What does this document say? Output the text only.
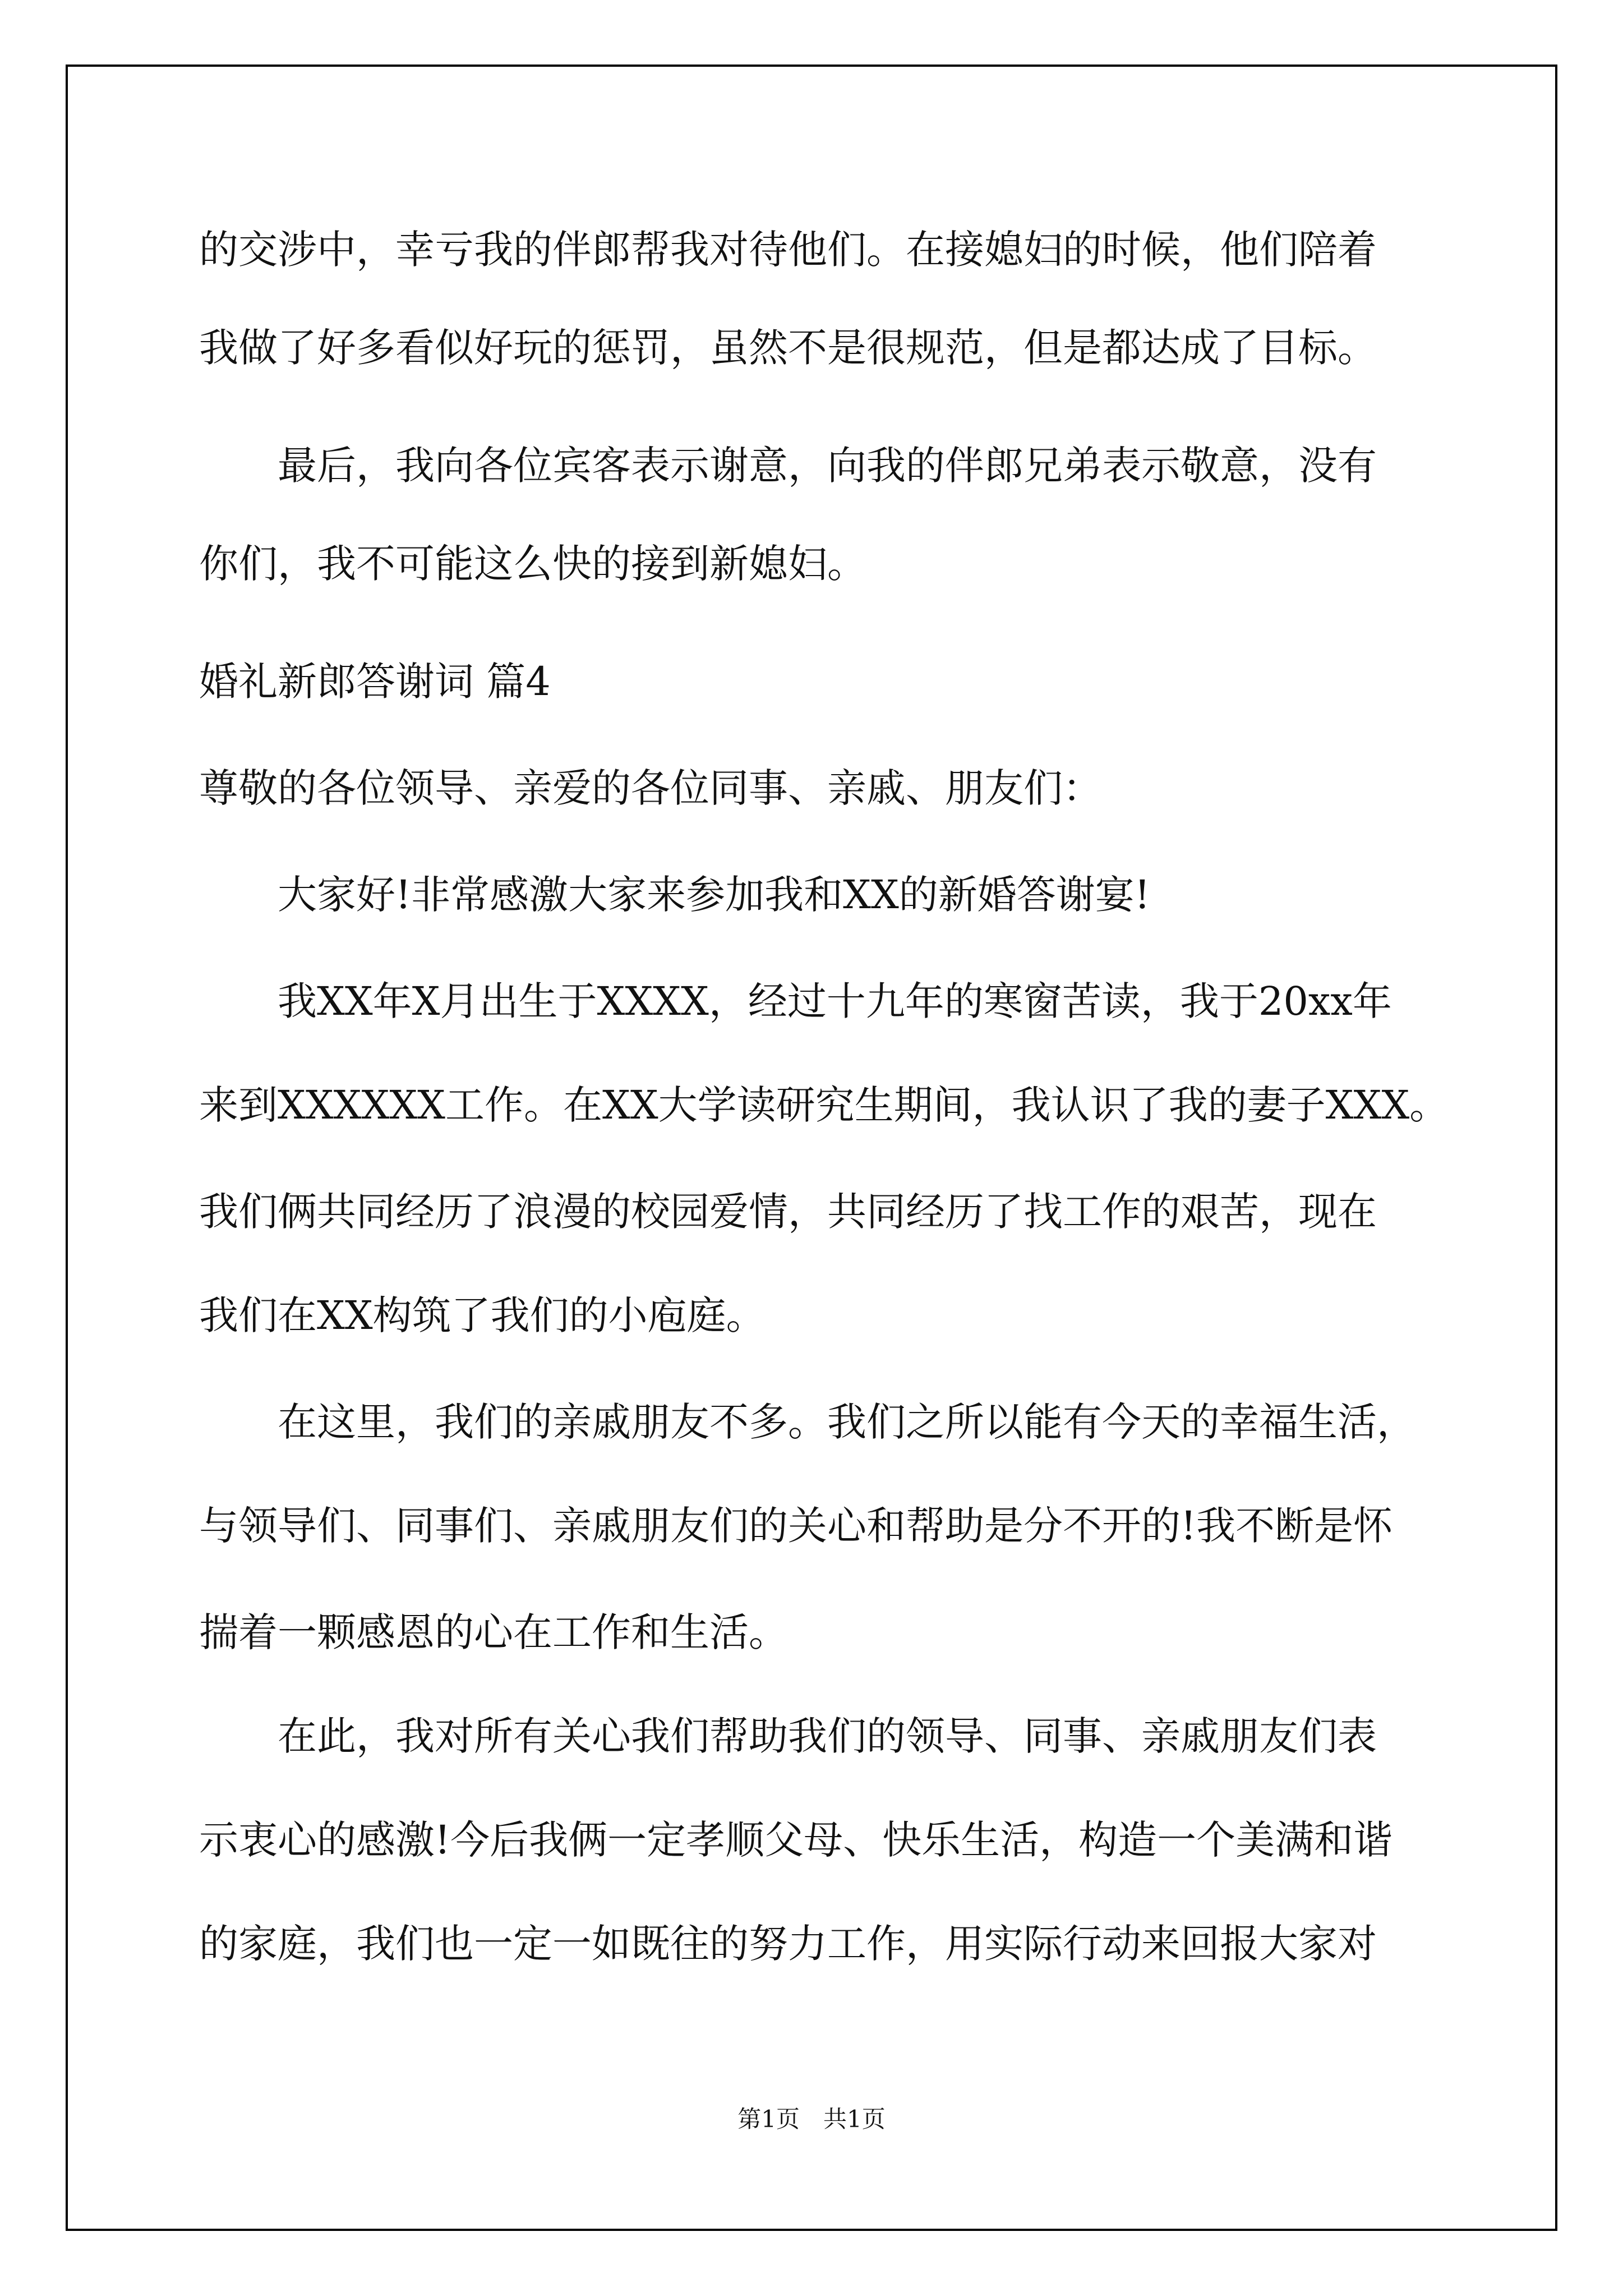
的交涉中，幸亏我的伴郎帮我对待他们。在接媳妇的时候，他们陪着
我做了好多看似好玩的惩罚，虽然不是很规范，但是都达成了目标。
　　最后，我向各位宾客表示谢意，向我的伴郎兄弟表示敬意，没有
你们，我不可能这么快的接到新媳妇。
婚礼新郎答谢词 篇4
尊敬的各位领导、亲爱的各位同事、亲戚、朋友们：
　　大家好!非常感激大家来参加我和XX的新婚答谢宴!
　　我XX年X月出生于XXXX，经过十九年的寒窗苦读，我于20xx年
来到XXXXXX工作。在XX大学读研究生期间，我认识了我的妻子XXX。
我们俩共同经历了浪漫的校园爱情，共同经历了找工作的艰苦，现在
我们在XX构筑了我们的小庖庭。
　　在这里，我们的亲戚朋友不多。我们之所以能有今天的幸福生活，
与领导们、同事们、亲戚朋友们的关心和帮助是分不开的!我不断是怀
揣着一颗感恩的心在工作和生活。
　　在此，我对所有关心我们帮助我们的领导、同事、亲戚朋友们表
示衷心的感激!今后我俩一定孝顺父母、快乐生活，构造一个美满和谐
的家庭，我们也一定一如既往的努力工作，用实际行动来回报大家对
第1页　共1页
